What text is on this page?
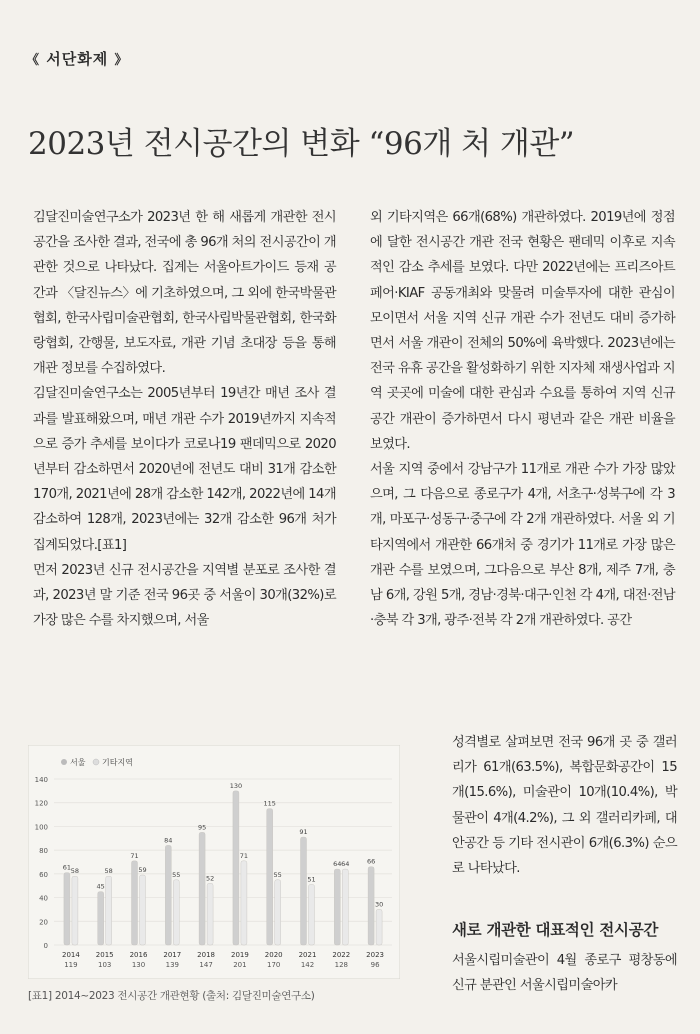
《 서단화제 》
2023년 전시공간의 변화 “96개 처 개관”

김달진미술연구소가 2023년 한 해 새롭게 개관한 전시공간을 조사한 결과, 전국에 총 96개 처의 전시공간이 개관한 것으로 나타났다. 집계는 서울아트가이드 등재 공간과 〈달진뉴스〉에 기초하였으며, 그 외에 한국박물관협회, 한국사립미술관협회, 한국사립박물관협회, 한국화랑협회, 간행물, 보도자료, 개관 기념 초대장 등을 통해 개관 정보를 수집하였다.

김달진미술연구소는 2005년부터 19년간 매년 조사 결과를 발표해왔으며, 매년 개관 수가 2019년까지 지속적으로 증가 추세를 보이다가 코로나19 팬데믹으로 2020년부터 감소하면서 2020년에 전년도 대비 31개 감소한 170개, 2021년에 28개 감소한 142개, 2022년에 14개 감소하여 128개, 2023년에는 32개 감소한 96개 처가 집계되었다.[표1]

먼저 2023년 신규 전시공간을 지역별 분포로 조사한 결과, 2023년 말 기준 전국 96곳 중 서울이 30개(32%)로 가장 많은 수를 차지했으며, 서울

외 기타지역은 66개(68%) 개관하였다. 2019년에 정점에 달한 전시공간 개관 전국 현황은 팬데믹 이후로 지속적인 감소 추세를 보였다. 다만 2022년에는 프리즈아트페어·KIAF 공동개최와 맞물려 미술투자에 대한 관심이 모이면서 서울 지역 신규 개관 수가 전년도 대비 증가하면서 서울 개관이 전체의 50%에 육박했다. 2023년에는 전국 유휴 공간을 활성화하기 위한 지자체 재생사업과 지역 곳곳에 미술에 대한 관심과 수요를 통하여 지역 신규공간 개관이 증가하면서 다시 평년과 같은 개관 비율을 보였다.

서울 지역 중에서 강남구가 11개로 개관 수가 가장 많았으며, 그 다음으로 종로구가 4개, 서초구·성북구에 각 3개, 마포구·성동구·중구에 각 2개 개관하였다. 서울 외 기타지역에서 개관한 66개처 중 경기가 11개로 가장 많은 개관 수를 보였으며, 그다음으로 부산 8개, 제주 7개, 충남 6개, 강원 5개, 경남·경북·대구·인천 각 4개, 대전·전남·충북 각 3개, 광주·전북 각 2개 개관하였다. 공간

성격별로 살펴보면 전국 96개 곳 중 갤러리가 61개(63.5%), 복합문화공간이 15개(15.6%), 미술관이 10개(10.4%), 박물관이 4개(4.2%), 그 외 갤러리카페, 대안공간 등 기타 전시관이 6개(6.3%) 순으로 나타났다.

새로 개관한 대표적인 전시공간

서울시립미술관이 4월 종로구 평창동에 신규 분관인 서울시립미술아카

서울 기타지역
0
20
40
60
80
100
120
140
61 58
2014
119
45
58
2015
103
71
59
2016
130
84
55
2017
139
95
52
2018
147
130
71
2019
201
115
55
2020
170
91
51
2021
142
64 64
2022
128
66
30
2023
96
[표1] 2014~2023 전시공간 개관현황 (출처: 김달진미술연구소)
